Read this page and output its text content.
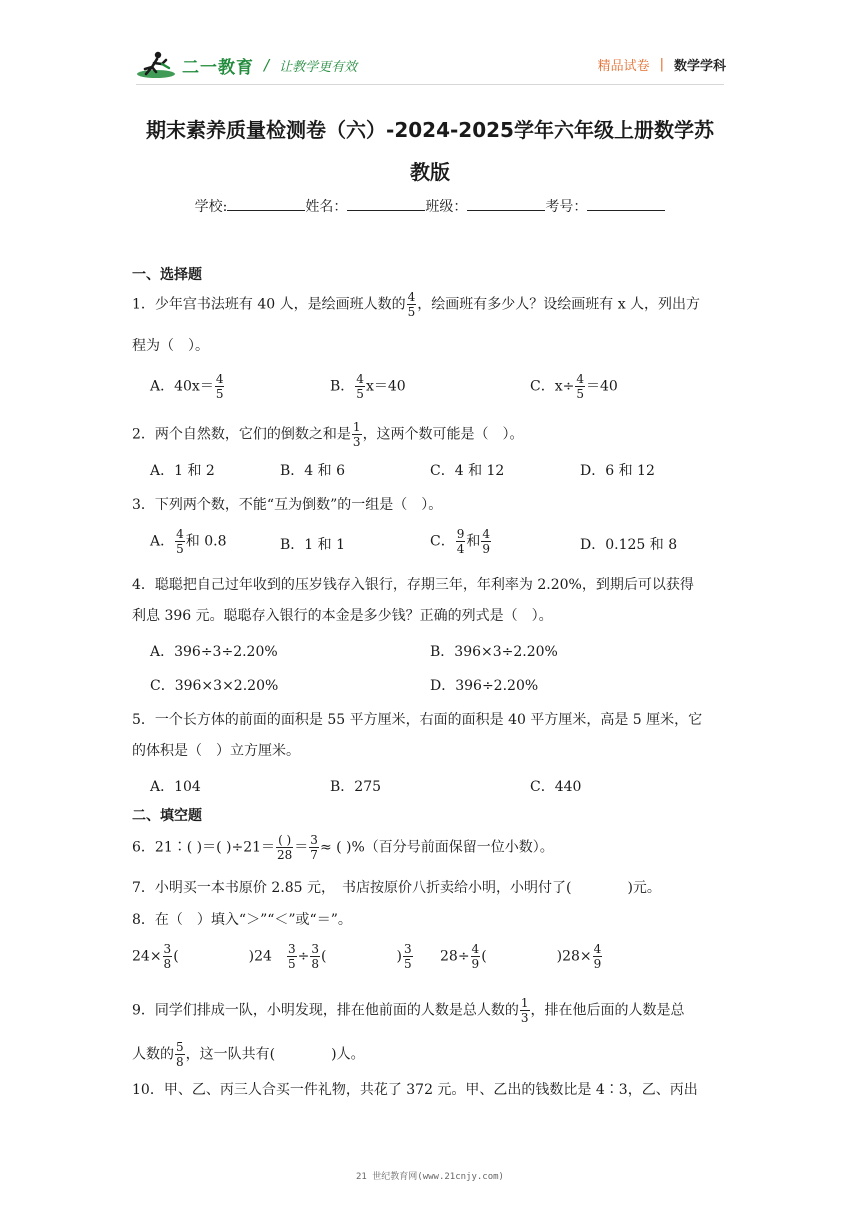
二一教育 / 让教学更有效	精品试卷 | 数学学科
期末素养质量检测卷（六）-2024-2025学年六年级上册数学苏
教版
学校:	姓名：	班级：	考号：
一、选择题
1．少年宫书法班有 40 人，是绘画班人数的 $\frac{4}{5}$ ，绘画班有多少人？设绘画班有 x 人，列出方
程为（　）。
A．$40x= \frac{4}{5}$	B． $\frac{4}{5} x=40$	C．$x\div \frac{4}{5} =40$
2．两个自然数，它们的倒数之和是 $\frac{1}{3}$ ，这两个数可能是（　）。
A．1 和 2	B．4 和 6	C．4 和 12	D．6 和 12
3．下列两个数，不能“互为倒数”的一组是（　）。
A． $\frac{4}{5}$ 和 0.8	B．1 和 1	C． $\frac{9}{4}$ 和 $\frac{4}{9}$	D．0.125 和 8
4．聪聪把自己过年收到的压岁钱存入银行，存期三年，年利率为 2.20%，到期后可以获得
利息 396 元。聪聪存入银行的本金是多少钱？正确的列式是（　）。
A．396÷3÷2.20%	B．396×3÷2.20%
C．396×3×2.20%	D．396÷2.20%
5．一个长方体的前面的面积是 55 平方厘米，右面的面积是 40 平方厘米，高是 5 厘米，它
的体积是（　）立方厘米。
A．104	B．275	C．440
二、填空题
6．21∶( )＝( )$\div 21= \frac{( )}{28} = \frac{3}{7}$ ≈ ( )%（百分号前面保留一位小数）。
7．小明买一本书原价 2.85 元，　书店按原价八折卖给小明，小明付了(　　　　)元。
8．在（　）填入“＞”“＜”或“＝”。
$24\times \frac{3}{8}$ (　　　　　)$24 \frac{3}{5} \div \frac{3}{8}$ (　　　　　) $\frac{3}{5} 28\div \frac{4}{9}$ (　　　　　)$28\times \frac{4}{9}$
9．同学们排成一队，小明发现，排在他前面的人数是总人数的 $\frac{1}{3}$ ，排在他后面的人数是总
人数的 $\frac{5}{8}$ ，这一队共有(　　　　)人。
10．甲、乙、丙三人合买一件礼物，共花了 372 元。甲、乙出的钱数比是 4∶3，乙、丙出
21 世纪教育网(www.21cnjy.com)
